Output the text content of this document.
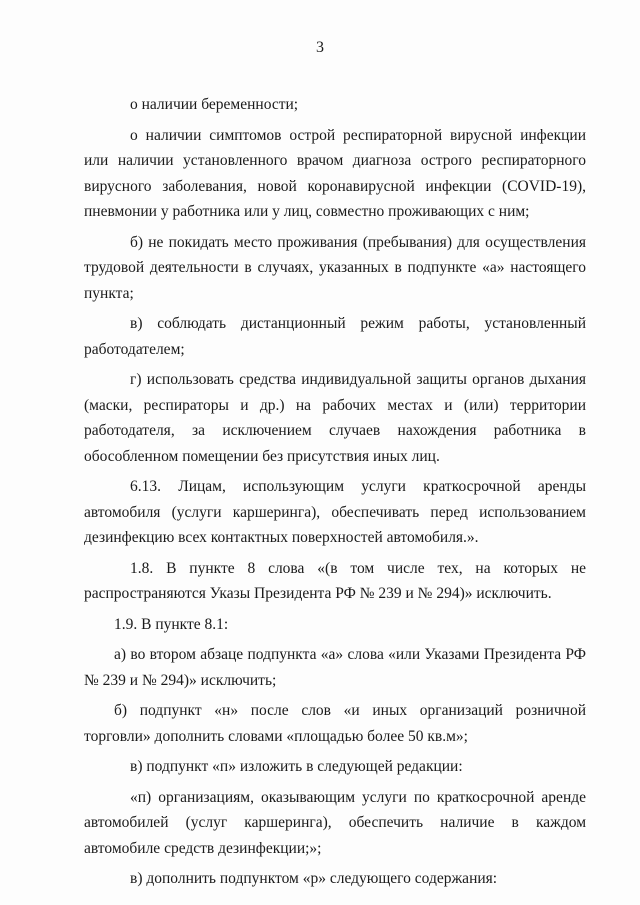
3

о наличии беременности;

о наличии симптомов острой респираторной вирусной инфекции или наличии установленного врачом диагноза острого респираторного вирусного заболевания, новой коронавирусной инфекции (COVID-19), пневмонии у работника или у лиц, совместно проживающих с ним;

б) не покидать место проживания (пребывания) для осуществления трудовой деятельности в случаях, указанных в подпункте «а» настоящего пункта;

в) соблюдать дистанционный режим работы, установленный работодателем;

г) использовать средства индивидуальной защиты органов дыхания (маски, респираторы и др.) на рабочих местах и (или) территории работодателя, за исключением случаев нахождения работника в обособленном помещении без присутствия иных лиц.

6.13. Лицам, использующим услуги краткосрочной аренды автомобиля (услуги каршеринга), обеспечивать перед использованием дезинфекцию всех контактных поверхностей автомобиля.».

1.8. В пункте 8 слова «(в том числе тех, на которых не распространяются Указы Президента РФ № 239 и № 294)» исключить.

1.9. В пункте 8.1:

а) во втором абзаце подпункта «а» слова «или Указами Президента РФ № 239 и № 294)» исключить;

б) подпункт «н» после слов «и иных организаций розничной торговли» дополнить словами «площадью более 50 кв.м»;

в) подпункт «п» изложить в следующей редакции:

«п) организациям, оказывающим услуги по краткосрочной аренде автомобилей (услуг каршеринга), обеспечить наличие в каждом автомобиле средств дезинфекции;»;

в) дополнить подпунктом «р» следующего содержания:
